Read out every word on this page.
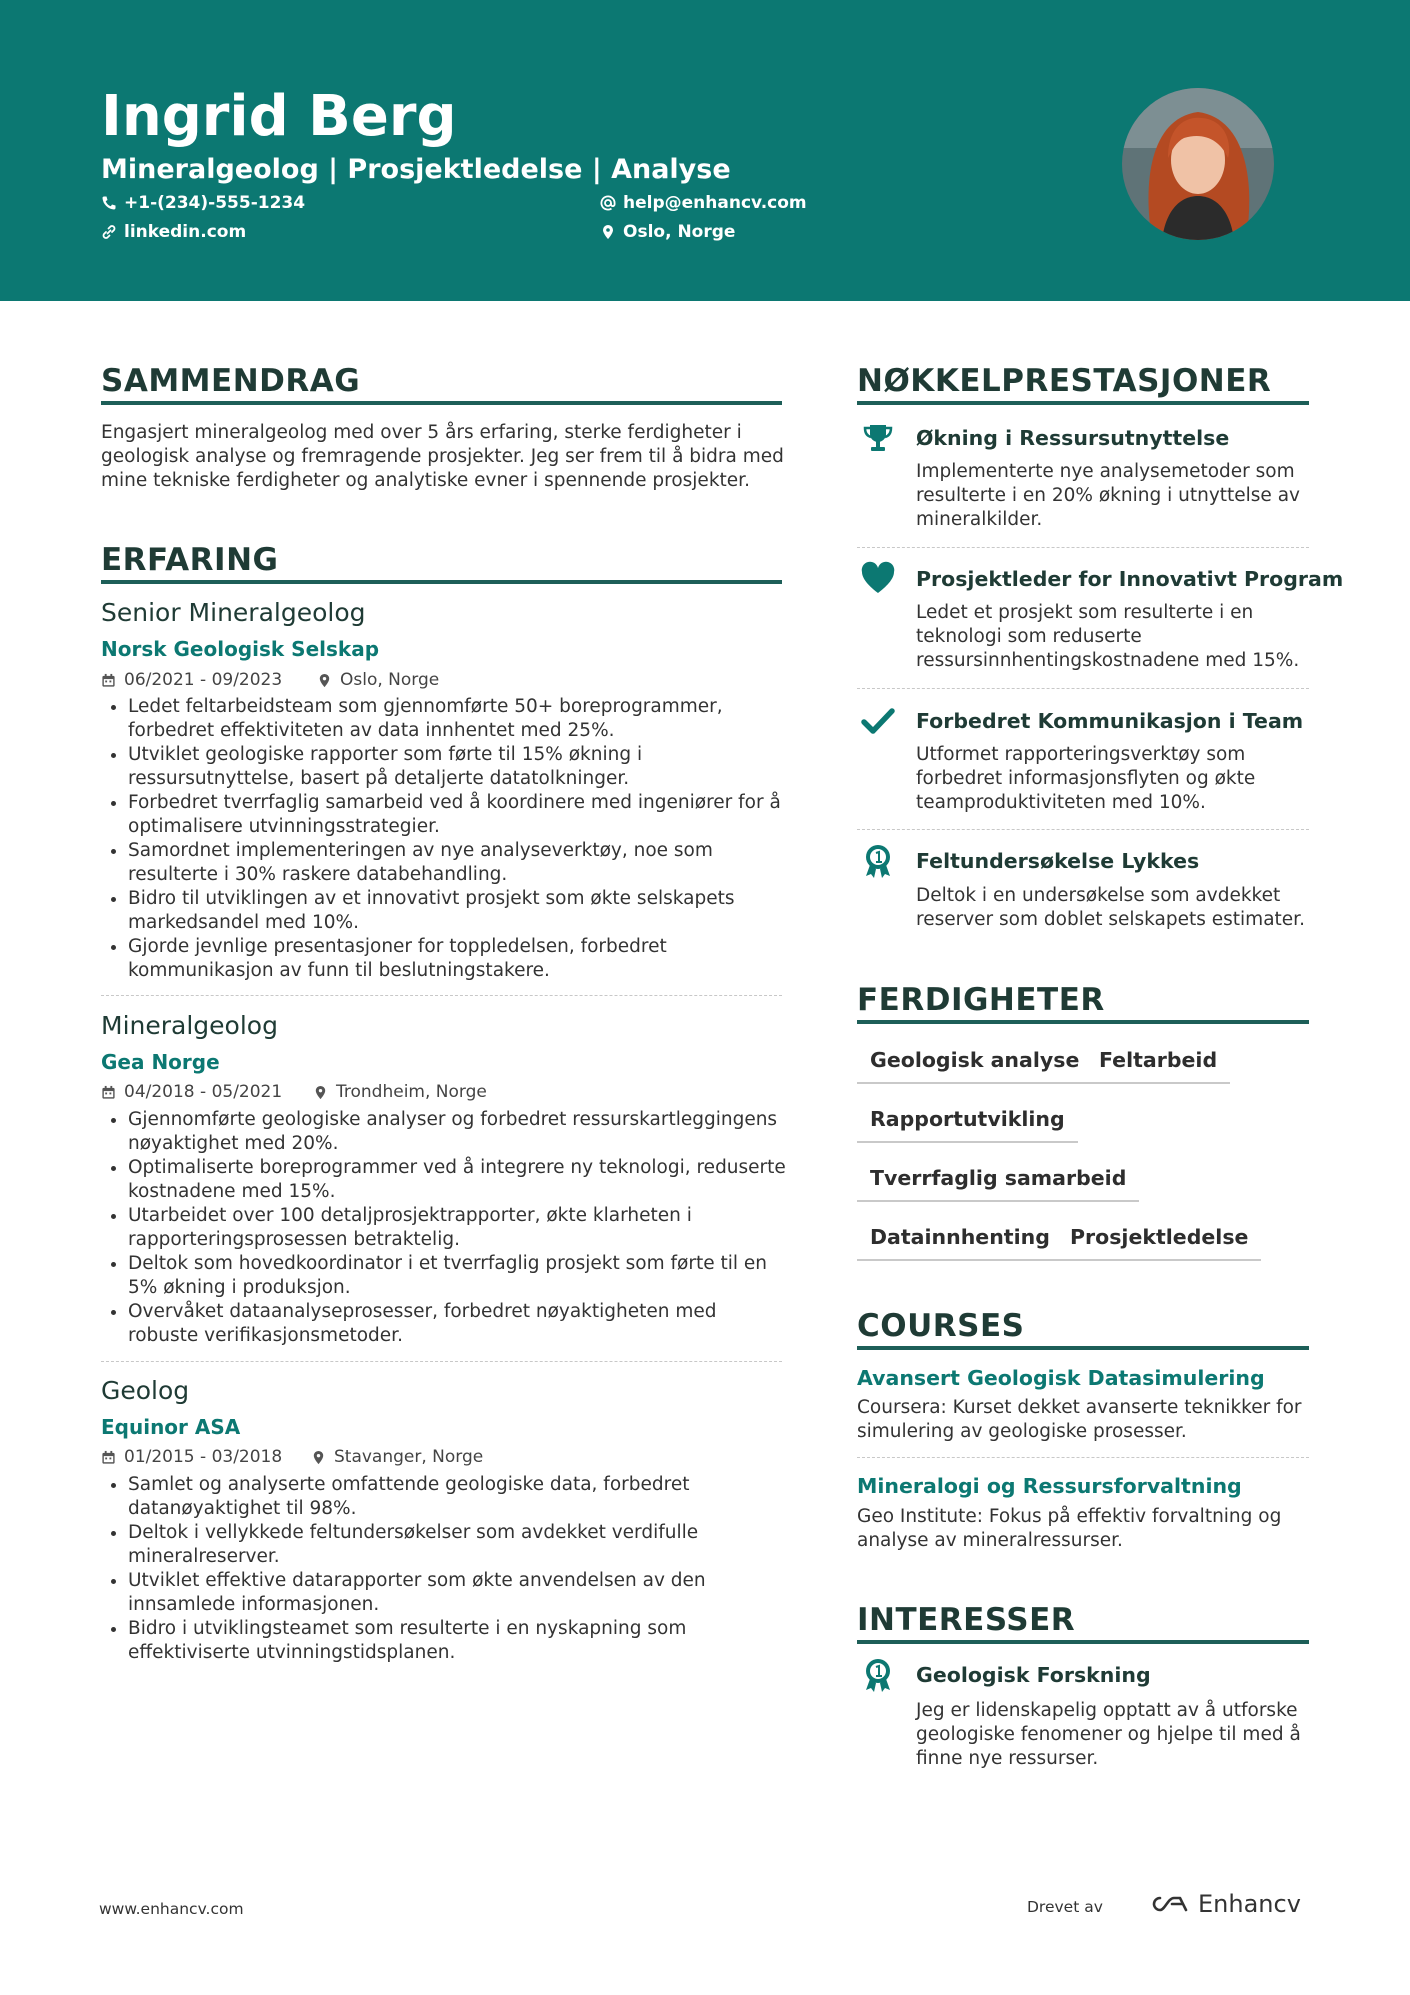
Ingrid Berg
Mineralgeolog | Prosjektledelse | Analyse
+1-(234)-555-1234	help@enhancv.com
linkedin.com	Oslo, Norge
SAMMENDRAG
Engasjert mineralgeolog med over 5 års erfaring, sterke ferdigheter i
geologisk analyse og fremragende prosjekter. Jeg ser frem til å bidra med
mine tekniske ferdigheter og analytiske evner i spennende prosjekter.
ERFARING
Senior Mineralgeolog
Norsk Geologisk Selskap
06/2021 - 09/2023	Oslo, Norge
• Ledet feltarbeidsteam som gjennomførte 50+ boreprogrammer,
forbedret effektiviteten av data innhentet med 25%.
• Utviklet geologiske rapporter som førte til 15% økning i
ressursutnyttelse, basert på detaljerte datatolkninger.
• Forbedret tverrfaglig samarbeid ved å koordinere med ingeniører for å
optimalisere utvinningsstrategier.
• Samordnet implementeringen av nye analyseverktøy, noe som
resulterte i 30% raskere databehandling.
• Bidro til utviklingen av et innovativt prosjekt som økte selskapets
markedsandel med 10%.
• Gjorde jevnlige presentasjoner for toppledelsen, forbedret
kommunikasjon av funn til beslutningstakere.
Mineralgeolog
Gea Norge
04/2018 - 05/2021	Trondheim, Norge
• Gjennomførte geologiske analyser og forbedret ressurskartleggingens
nøyaktighet med 20%.
• Optimaliserte boreprogrammer ved å integrere ny teknologi, reduserte
kostnadene med 15%.
• Utarbeidet over 100 detaljprosjektrapporter, økte klarheten i
rapporteringsprosessen betraktelig.
• Deltok som hovedkoordinator i et tverrfaglig prosjekt som førte til en
5% økning i produksjon.
• Overvåket dataanalyseprosesser, forbedret nøyaktigheten med
robuste verifikasjonsmetoder.
Geolog
Equinor ASA
01/2015 - 03/2018	Stavanger, Norge
• Samlet og analyserte omfattende geologiske data, forbedret
datanøyaktighet til 98%.
• Deltok i vellykkede feltundersøkelser som avdekket verdifulle
mineralreserver.
• Utviklet effektive datarapporter som økte anvendelsen av den
innsamlede informasjonen.
• Bidro i utviklingsteamet som resulterte i en nyskapning som
effektiviserte utvinningstidsplanen.
NØKKELPRESTASJONER
Økning i Ressursutnyttelse
Implementerte nye analysemetoder som
resulterte i en 20% økning i utnyttelse av
mineralkilder.
Prosjektleder for Innovativt Program
Ledet et prosjekt som resulterte i en
teknologi som reduserte
ressursinnhentingskostnadene med 15%.
Forbedret Kommunikasjon i Team
Utformet rapporteringsverktøy som
forbedret informasjonsflyten og økte
teamproduktiviteten med 10%.
Feltundersøkelse Lykkes
Deltok i en undersøkelse som avdekket
reserver som doblet selskapets estimater.
FERDIGHETER
Geologisk analyse Feltarbeid
Rapportutvikling
Tverrfaglig samarbeid
Datainnhenting Prosjektledelse
COURSES
Avansert Geologisk Datasimulering
Coursera: Kurset dekket avanserte teknikker for
simulering av geologiske prosesser.
Mineralogi og Ressursforvaltning
Geo Institute: Fokus på effektiv forvaltning og
analyse av mineralressurser.
INTERESSER
Geologisk Forskning
Jeg er lidenskapelig opptatt av å utforske
geologiske fenomener og hjelpe til med å
finne nye ressurser.
www.enhancv.com	Drevet av	Enhancv
